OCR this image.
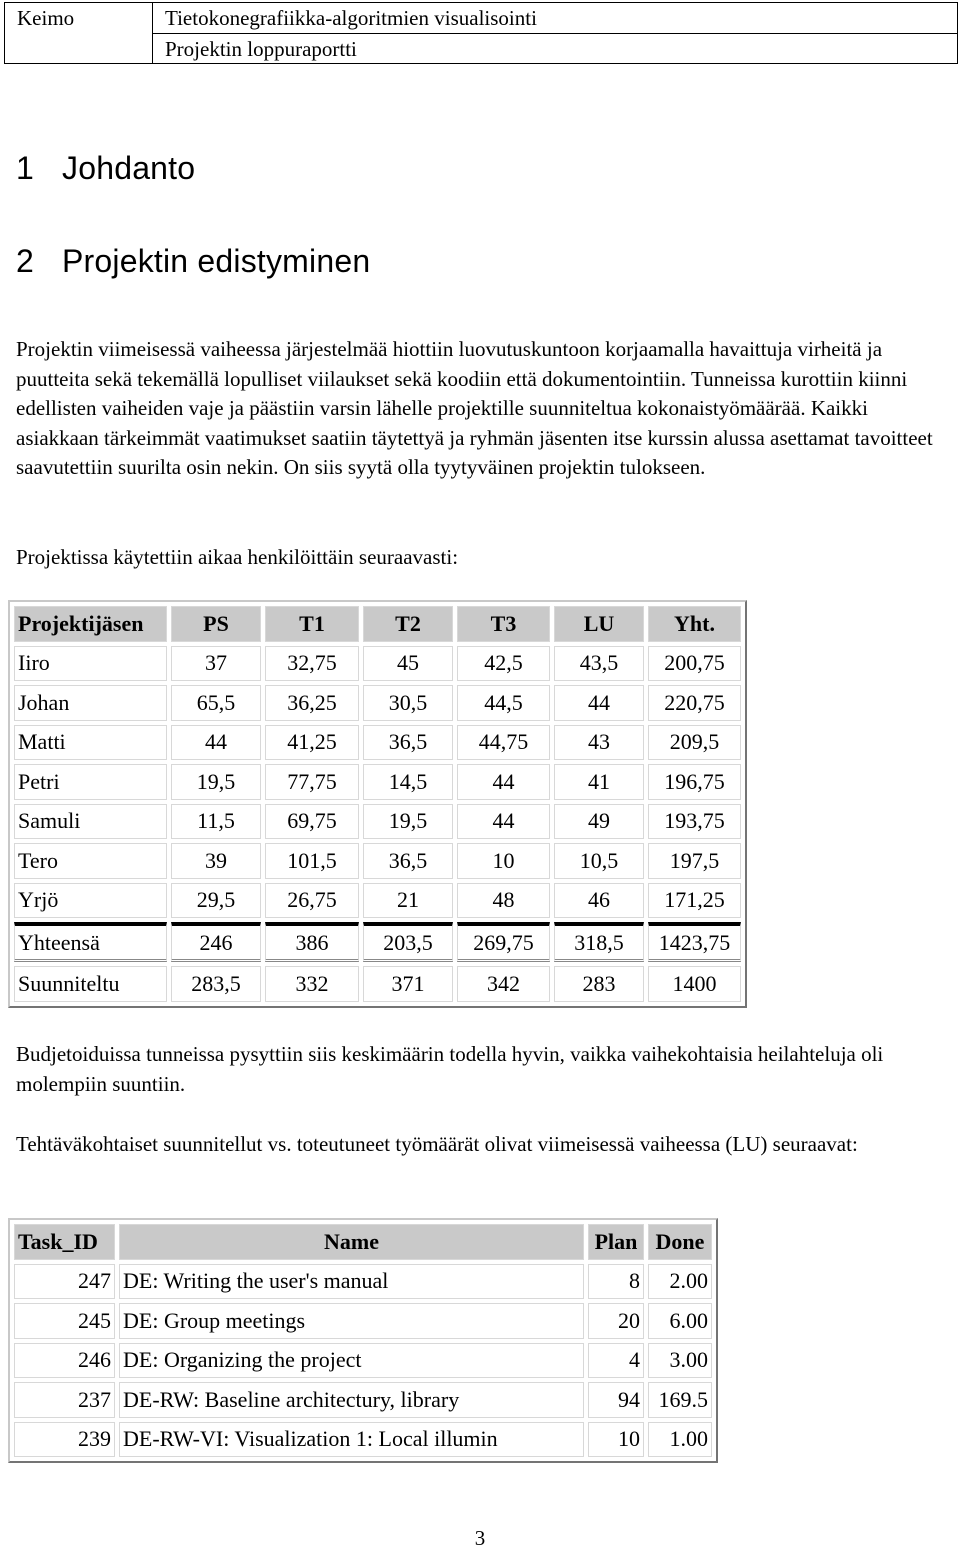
Keimo	Tietokonegrafiikka-algoritmien visualisointi
Projektin loppuraportti
1 Johdanto
2 Projektin edistyminen

Projektin viimeisessä vaiheessa järjestelmää hiottiin luovutuskuntoon korjaamalla havaittuja virheitä ja puutteita sekä tekemällä lopulliset viilaukset sekä koodiin että dokumentointiin. Tunneissa kurottiin kiinni edellisten vaiheiden vaje ja päästiin varsin lähelle projektille suunniteltua kokonaistyömäärää. Kaikki asiakkaan tärkeimmät vaatimukset saatiin täytettyä ja ryhmän jäsenten itse kurssin alussa asettamat tavoitteet saavutettiin suurilta osin nekin. On siis syytä olla tyytyväinen projektin tulokseen.

Projektissa käytettiin aikaa henkilöittäin seuraavasti:

Projektijäsen	PS	T1	T2	T3	LU	Yht.
Iiro	37	32,75	45	42,5	43,5	200,75
Johan	65,5	36,25	30,5	44,5	44	220,75
Matti	44	41,25	36,5	44,75	43	209,5
Petri	19,5	77,75	14,5	44	41	196,75
Samuli	11,5	69,75	19,5	44	49	193,75
Tero	39	101,5	36,5	10	10,5	197,5
Yrjö	29,5	26,75	21	48	46	171,25
Yhteensä	246	386	203,5	269,75	318,5	1423,75
Suunniteltu	283,5	332	371	342	283	1400

Budjetoiduissa tunneissa pysyttiin siis keskimäärin todella hyvin, vaikka vaihekohtaisia heilahteluja oli molempiin suuntiin.

Tehtäväkohtaiset suunnitellut vs. toteutuneet työmäärät olivat viimeisessä vaiheessa (LU) seuraavat:

Task_ID	Name	Plan	Done
247	DE: Writing the user's manual	8	2.00
245	DE: Group meetings	20	6.00
246	DE: Organizing the project	4	3.00
237	DE-RW: Baseline architectury, library	94	169.5
239	DE-RW-VI: Visualization 1: Local illumin	10	1.00
3
